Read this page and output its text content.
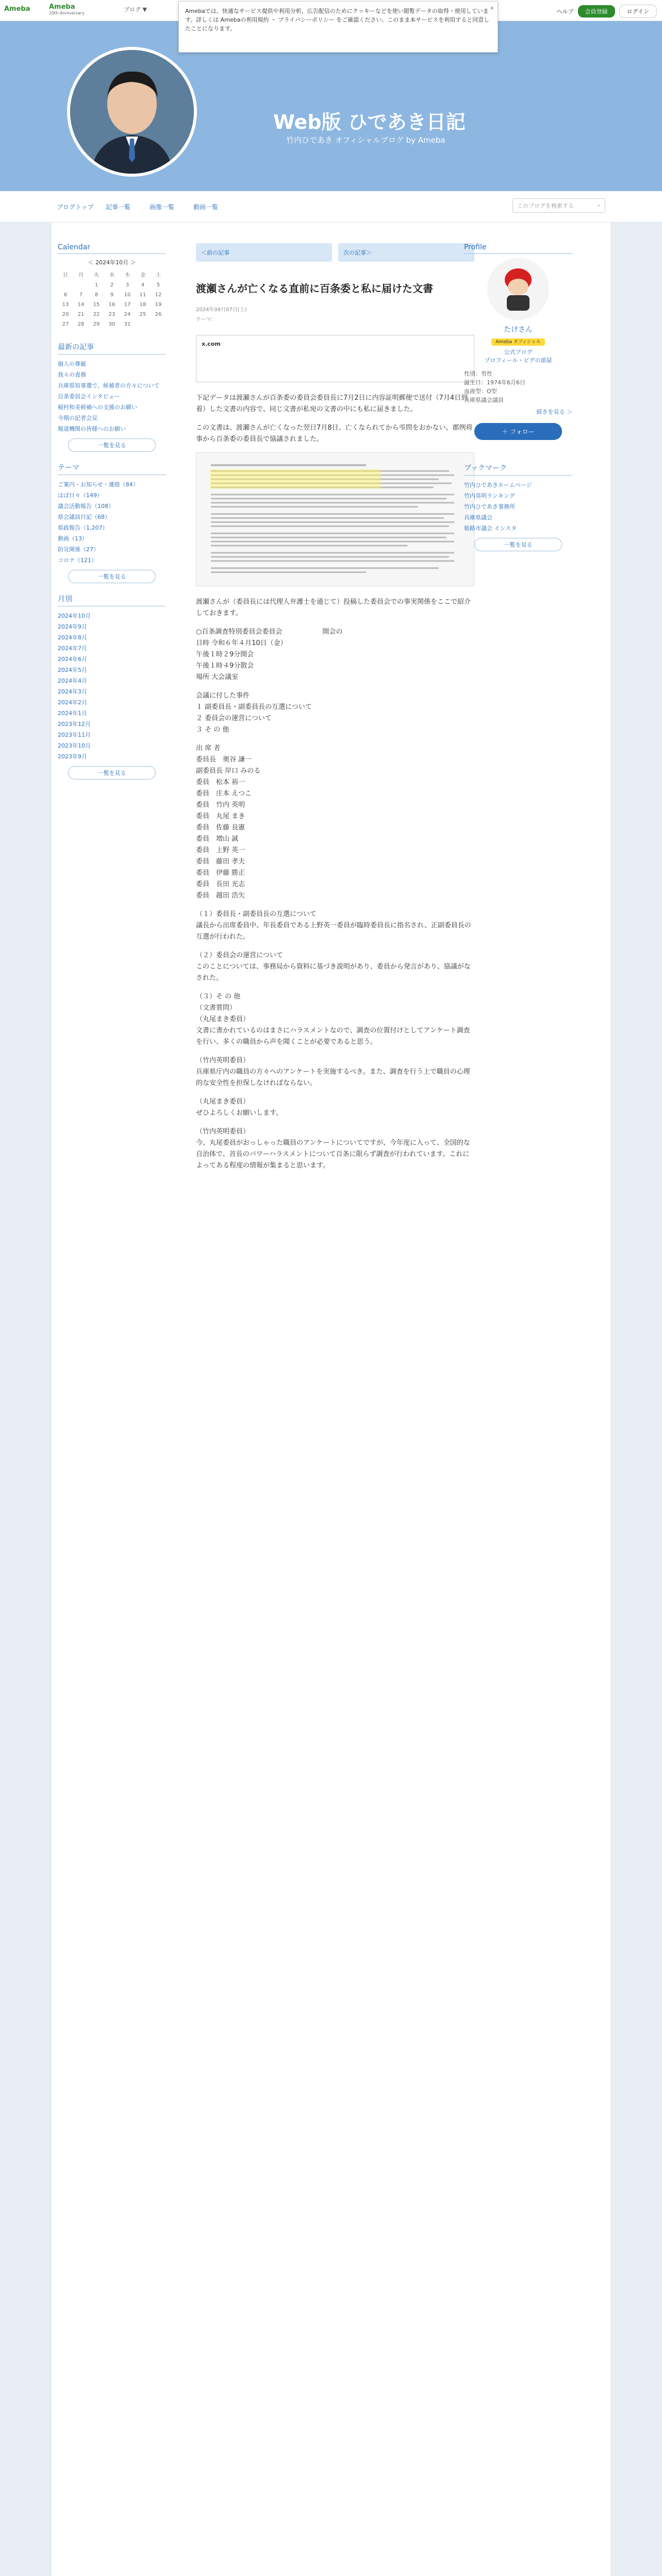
Ameba	Ameba
20th Anniversary
ブログ ▼	ヘルプ	会員登録	ログイン
×
Amebaでは、快適なサービス提供や利用分析、広告配信のためにクッキーなどを使い閲覧データの取得・使用しています。詳しくは Amebaの利用規約 ・ プライバシーポリシー をご確認ください。このまま本サービスを利用すると同意したことになります。
Web版 ひであき日記
竹内ひであき オフィシャルブログ by Ameba
ブログトップ 記事一覧	画像一覧	動画一覧	このブログを検索する	⌕
Calendar
＜ 2024年10月 ＞
日	月	火	水	木	金	土
		1	2	3	4	5
6	7	8	9	10	11	12
13	14	15	16	17	18	19
20	21	22	23	24	25	26
27	28	29	30	31		
最新の記事
個人の尊厳
我々の責務
兵庫県知事選で、候補者の方々について
百条委員会インタビュー
稲村和美候補への支援のお願い
今期の記者会見
報道機関の皆様へのお願い
一覧を見る
テーマ
ご案内・お知らせ・連絡（84）
ほぼ日々（149）
議会活動報告（108）
県会議員日記（68）
県政報告（1,207）
動画（13）
防災関係（27）
コロナ（121）
一覧を見る
月別
2024年10月
2024年9月
2024年8月
2024年7月
2024年6月
2024年5月
2024年4月
2024年3月
2024年2月
2024年1月
2023年12月
2023年11月
2023年10月
2023年9月
一覧を見る
＜前の記事	次の記事＞
渡瀬さんが亡くなる直前に百条委と私に届けた文書
2024年09月07日(土)
テーマ：
x.com

下記データは渡瀬さんが百条委の委員会委員長に7月2日に内容証明郵便で送付（7月4日到着）した文書の内容で、同じ文書が私宛の文書の中にも私に届きました。

この文書は、渡瀬さんが亡くなった翌日7月8日、亡くなられてから弔問をおかない、郡例将事から百条委の委員長で協議されました。

渡瀬さんが（委員長には代理人弁護士を通じて）投稿した委員会での事実関係をここで紹介しておきます。

○百条調査特別委員会委員会　　　　　　開会の
日時 令和６年４月10日（金）
午後１時２9分開会
午後１時４9分散会
場所 大会議室

会議に付した事件
１ 副委員長・副委員長の互選について
２ 委員会の運営について
３ そ の 他

出 席 者
委員長　奥谷 謙一
副委員長 岸口 みのる
委員　松本 裕一
委員　庄本 えつこ
委員　竹内 英明
委員　丸尾 まき
委員　佐藤 良憲
委員　増山 誠
委員　上野 英一
委員　藤田 孝夫
委員　伊藤 勝正
委員　長田 光志
委員　越田 浩矢

（１）委員長・副委員長の互選について
議長から出席委員中、年長委員である上野英一委員が臨時委員長に指名され、正副委員長の互選が行われた。

（２）委員会の運営について
このことについては、事務局から資料に基づき説明があり、委員から発言があり、協議がなされた。

（３）そ の 他
（文書質問）
（丸尾まき委員）
文書に書かれているのはまさにハラスメントなので、調査の位置付けとしてアンケート調査を行い、多くの職員から声を聞くことが必要であると思う。

（竹内英明委員）
兵庫県庁内の職員の方々へのアンケートを実施するべき。また、調査を行う上で職員の心理的な安全性を担保しなければならない。

（丸尾まき委員）
ぜひよろしくお願いします。

（竹内英明委員）
今、丸尾委員がおっしゃった職員のアンケートについてですが、今年度に入って、全国的な自治体で、首長のパワーハラスメントについて百条に限らず調査が行われています。これによってある程度の情報が集まると思います。

Profile
たけさん
Ameba オフィシャル
公式ブログ
プロフィール・ピグの部屋
性別：男性
誕生日：1974年6月6日
血液型：O型
兵庫県議会議員
続きを見る ＞
＋ フォロー
ブックマーク
竹内ひであきホームページ
竹内英明ランキング
竹内ひであき事務所
兵庫県議会
姫路市議会 インスタ
一覧を見る
